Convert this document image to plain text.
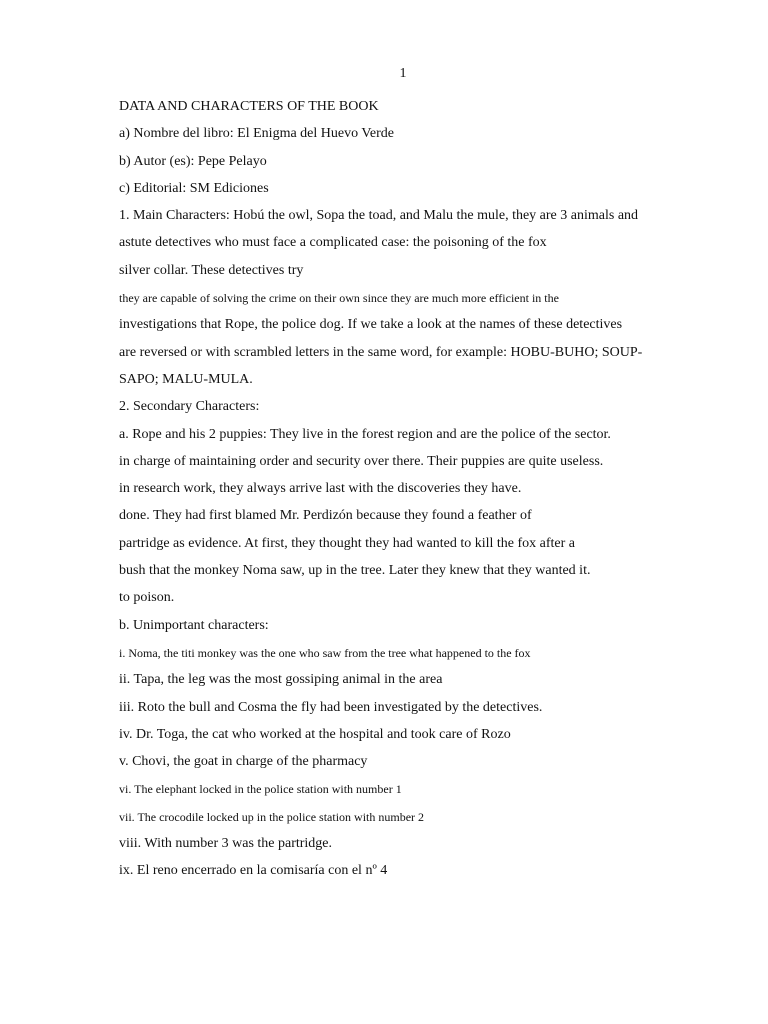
1
DATA AND CHARACTERS OF THE BOOK
a) Nombre del libro: El Enigma del Huevo Verde
b) Autor (es): Pepe Pelayo
c) Editorial: SM Ediciones
1. Main Characters: Hobú the owl, Sopa the toad, and Malu the mule, they are 3 animals and
astute detectives who must face a complicated case: the poisoning of the fox
silver collar. These detectives try
they are capable of solving the crime on their own since they are much more efficient in the
investigations that Rope, the police dog. If we take a look at the names of these detectives
are reversed or with scrambled letters in the same word, for example: HOBU-BUHO; SOUP-
SAPO; MALU-MULA.
2. Secondary Characters:
a. Rope and his 2 puppies: They live in the forest region and are the police of the sector.
in charge of maintaining order and security over there. Their puppies are quite useless.
in research work, they always arrive last with the discoveries they have.
done. They had first blamed Mr. Perdizón because they found a feather of
partridge as evidence. At first, they thought they had wanted to kill the fox after a
bush that the monkey Noma saw, up in the tree. Later they knew that they wanted it.
to poison.
b. Unimportant characters:
i. Noma, the titi monkey was the one who saw from the tree what happened to the fox
ii. Tapa, the leg was the most gossiping animal in the area
iii. Roto the bull and Cosma the fly had been investigated by the detectives.
iv. Dr. Toga, the cat who worked at the hospital and took care of Rozo
v. Chovi, the goat in charge of the pharmacy
vi. The elephant locked in the police station with number 1
vii. The crocodile locked up in the police station with number 2
viii. With number 3 was the partridge.
ix. El reno encerrado en la comisaría con el nº 4
